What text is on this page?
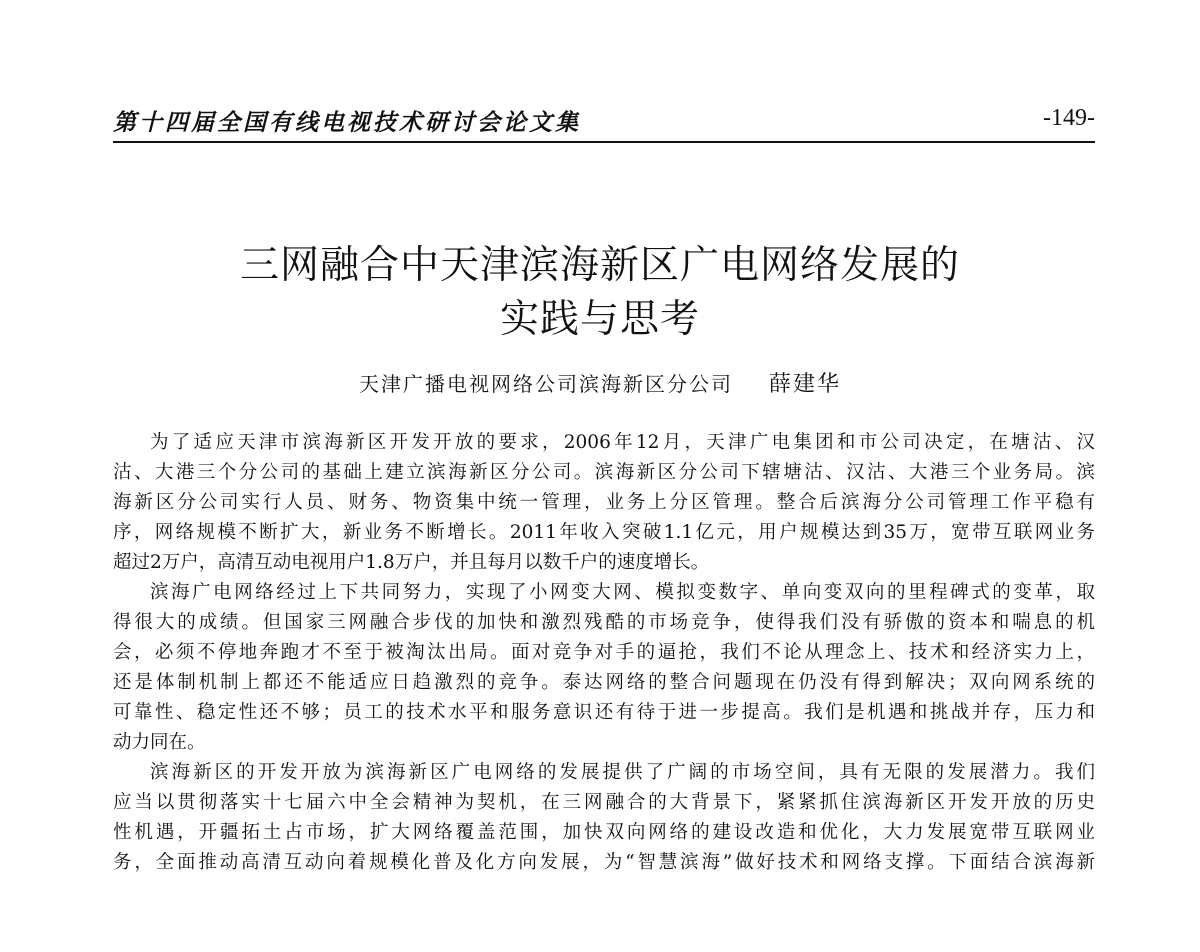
第十四届全国有线电视技术研讨会论文集	-149-
三网融合中天津滨海新区广电网络发展的
实践与思考
天津广播电视网络公司滨海新区分公司 薛建华

为了适应天津市滨海新区开发开放的要求，2006年12月，天津广电集团和市公司决定，在塘沽、汉
沽、大港三个分公司的基础上建立滨海新区分公司。滨海新区分公司下辖塘沽、汉沽、大港三个业务局。滨
海新区分公司实行人员、财务、物资集中统一管理，业务上分区管理。整合后滨海分公司管理工作平稳有
序，网络规模不断扩大，新业务不断增长。2011年收入突破1.1亿元，用户规模达到35万，宽带互联网业务
超过2万户，高清互动电视用户1.8万户，并且每月以数千户的速度增长。

滨海广电网络经过上下共同努力，实现了小网变大网、模拟变数字、单向变双向的里程碑式的变革，取
得很大的成绩。但国家三网融合步伐的加快和激烈残酷的市场竞争，使得我们没有骄傲的资本和喘息的机
会，必须不停地奔跑才不至于被淘汰出局。面对竞争对手的逼抢，我们不论从理念上、技术和经济实力上，
还是体制机制上都还不能适应日趋激烈的竞争。泰达网络的整合问题现在仍没有得到解决；双向网系统的
可靠性、稳定性还不够；员工的技术水平和服务意识还有待于进一步提高。我们是机遇和挑战并存，压力和
动力同在。

滨海新区的开发开放为滨海新区广电网络的发展提供了广阔的市场空间，具有无限的发展潜力。我们
应当以贯彻落实十七届六中全会精神为契机，在三网融合的大背景下，紧紧抓住滨海新区开发开放的历史
性机遇，开疆拓土占市场，扩大网络覆盖范围，加快双向网络的建设改造和优化，大力发展宽带互联网业
务，全面推动高清互动向着规模化普及化方向发展，为“智慧滨海”做好技术和网络支撑。下面结合滨海新
